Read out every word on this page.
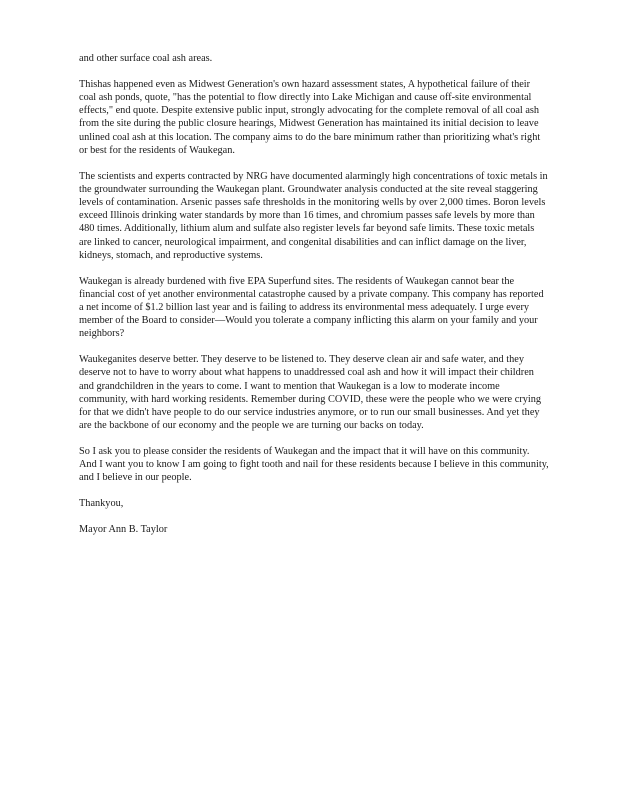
and other surface coal ash areas.

Thishas happened even as Midwest Generation's own hazard assessment states, A hypothetical failure of their coal ash ponds, quote, "has the potential to flow directly into Lake Michigan and cause off-site environmental effects," end quote. Despite extensive public input, strongly advocating for the complete removal of all coal ash from the site during the public closure hearings, Midwest Generation has maintained its initial decision to leave unlined coal ash at this location. The company aims to do the bare minimum rather than prioritizing what's right or best for the residents of Waukegan.

The scientists and experts contracted by NRG have documented alarmingly high concentrations of toxic metals in the groundwater surrounding the Waukegan plant. Groundwater analysis conducted at the site reveal staggering levels of contamination. Arsenic passes safe thresholds in the monitoring wells by over 2,000 times. Boron levels exceed Illinois drinking water standards by more than 16 times, and chromium passes safe levels by more than 480 times. Additionally, lithium alum and sulfate also register levels far beyond safe limits. These toxic metals are linked to cancer, neurological impairment, and congenital disabilities and can inflict damage on the liver, kidneys, stomach, and reproductive systems.

Waukegan is already burdened with five EPA Superfund sites. The residents of Waukegan cannot bear the financial cost of yet another environmental catastrophe caused by a private company. This company has reported a net income of $1.2 billion last year and is failing to address its environmental mess adequately. I urge every member of the Board to consider—Would you tolerate a company inflicting this alarm on your family and your neighbors?

Waukeganites deserve better. They deserve to be listened to. They deserve clean air and safe water, and they deserve not to have to worry about what happens to unaddressed coal ash and how it will impact their children and grandchildren in the years to come. I want to mention that Waukegan is a low to moderate income community, with hard working residents. Remember during COVID, these were the people who we were crying for that we didn't have people to do our service industries anymore, or to run our small businesses. And yet they are the backbone of our economy and the people we are turning our backs on today.

So I ask you to please consider the residents of Waukegan and the impact that it will have on this community. And I want you to know I am going to fight tooth and nail for these residents because I believe in this community, and I believe in our people.

Thankyou,

Mayor Ann B. Taylor
